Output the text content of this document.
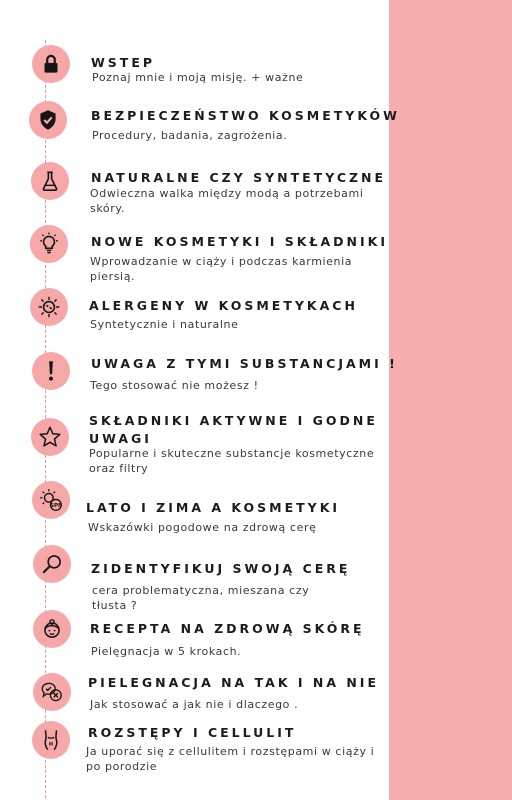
WSTEP
Poznaj mnie i moją misję. + ważne
BEZPIECZEŃSTWO KOSMETYKÓW
Procedury, badania, zagrożenia.
NATURALNE CZY SYNTETYCZNE
Odwieczna walka między modą a potrzebami skóry.
NOWE KOSMETYKI I SKŁADNIKI
Wprowadzanie w ciąży i podczas karmienia piersią.
ALERGENY W KOSMETYKACH
Syntetycznie i naturalne
UWAGA Z TYMI SUBSTANCJAMI !
Tego stosować nie możesz !
SKŁADNIKI AKTYWNE I GODNE UWAGI
Popularne i skuteczne substancje kosmetyczne oraz filtry
SPF LATO I ZIMA A KOSMETYKI
Wskazówki pogodowe na zdrową cerę
ZIDENTYFIKUJ SWOJĄ CERĘ
cera problematyczna, mieszana czy tłusta ?
RECEPTA NA ZDROWĄ SKÓRĘ
Pielęgnacja w 5 krokach.
PIELEGNACJA NA TAK I NA NIE
Jak stosować a jak nie i dlaczego .
ROZSTĘPY I CELLULIT
Ja uporać się z cellulitem i rozstępami w ciąży i po porodzie
